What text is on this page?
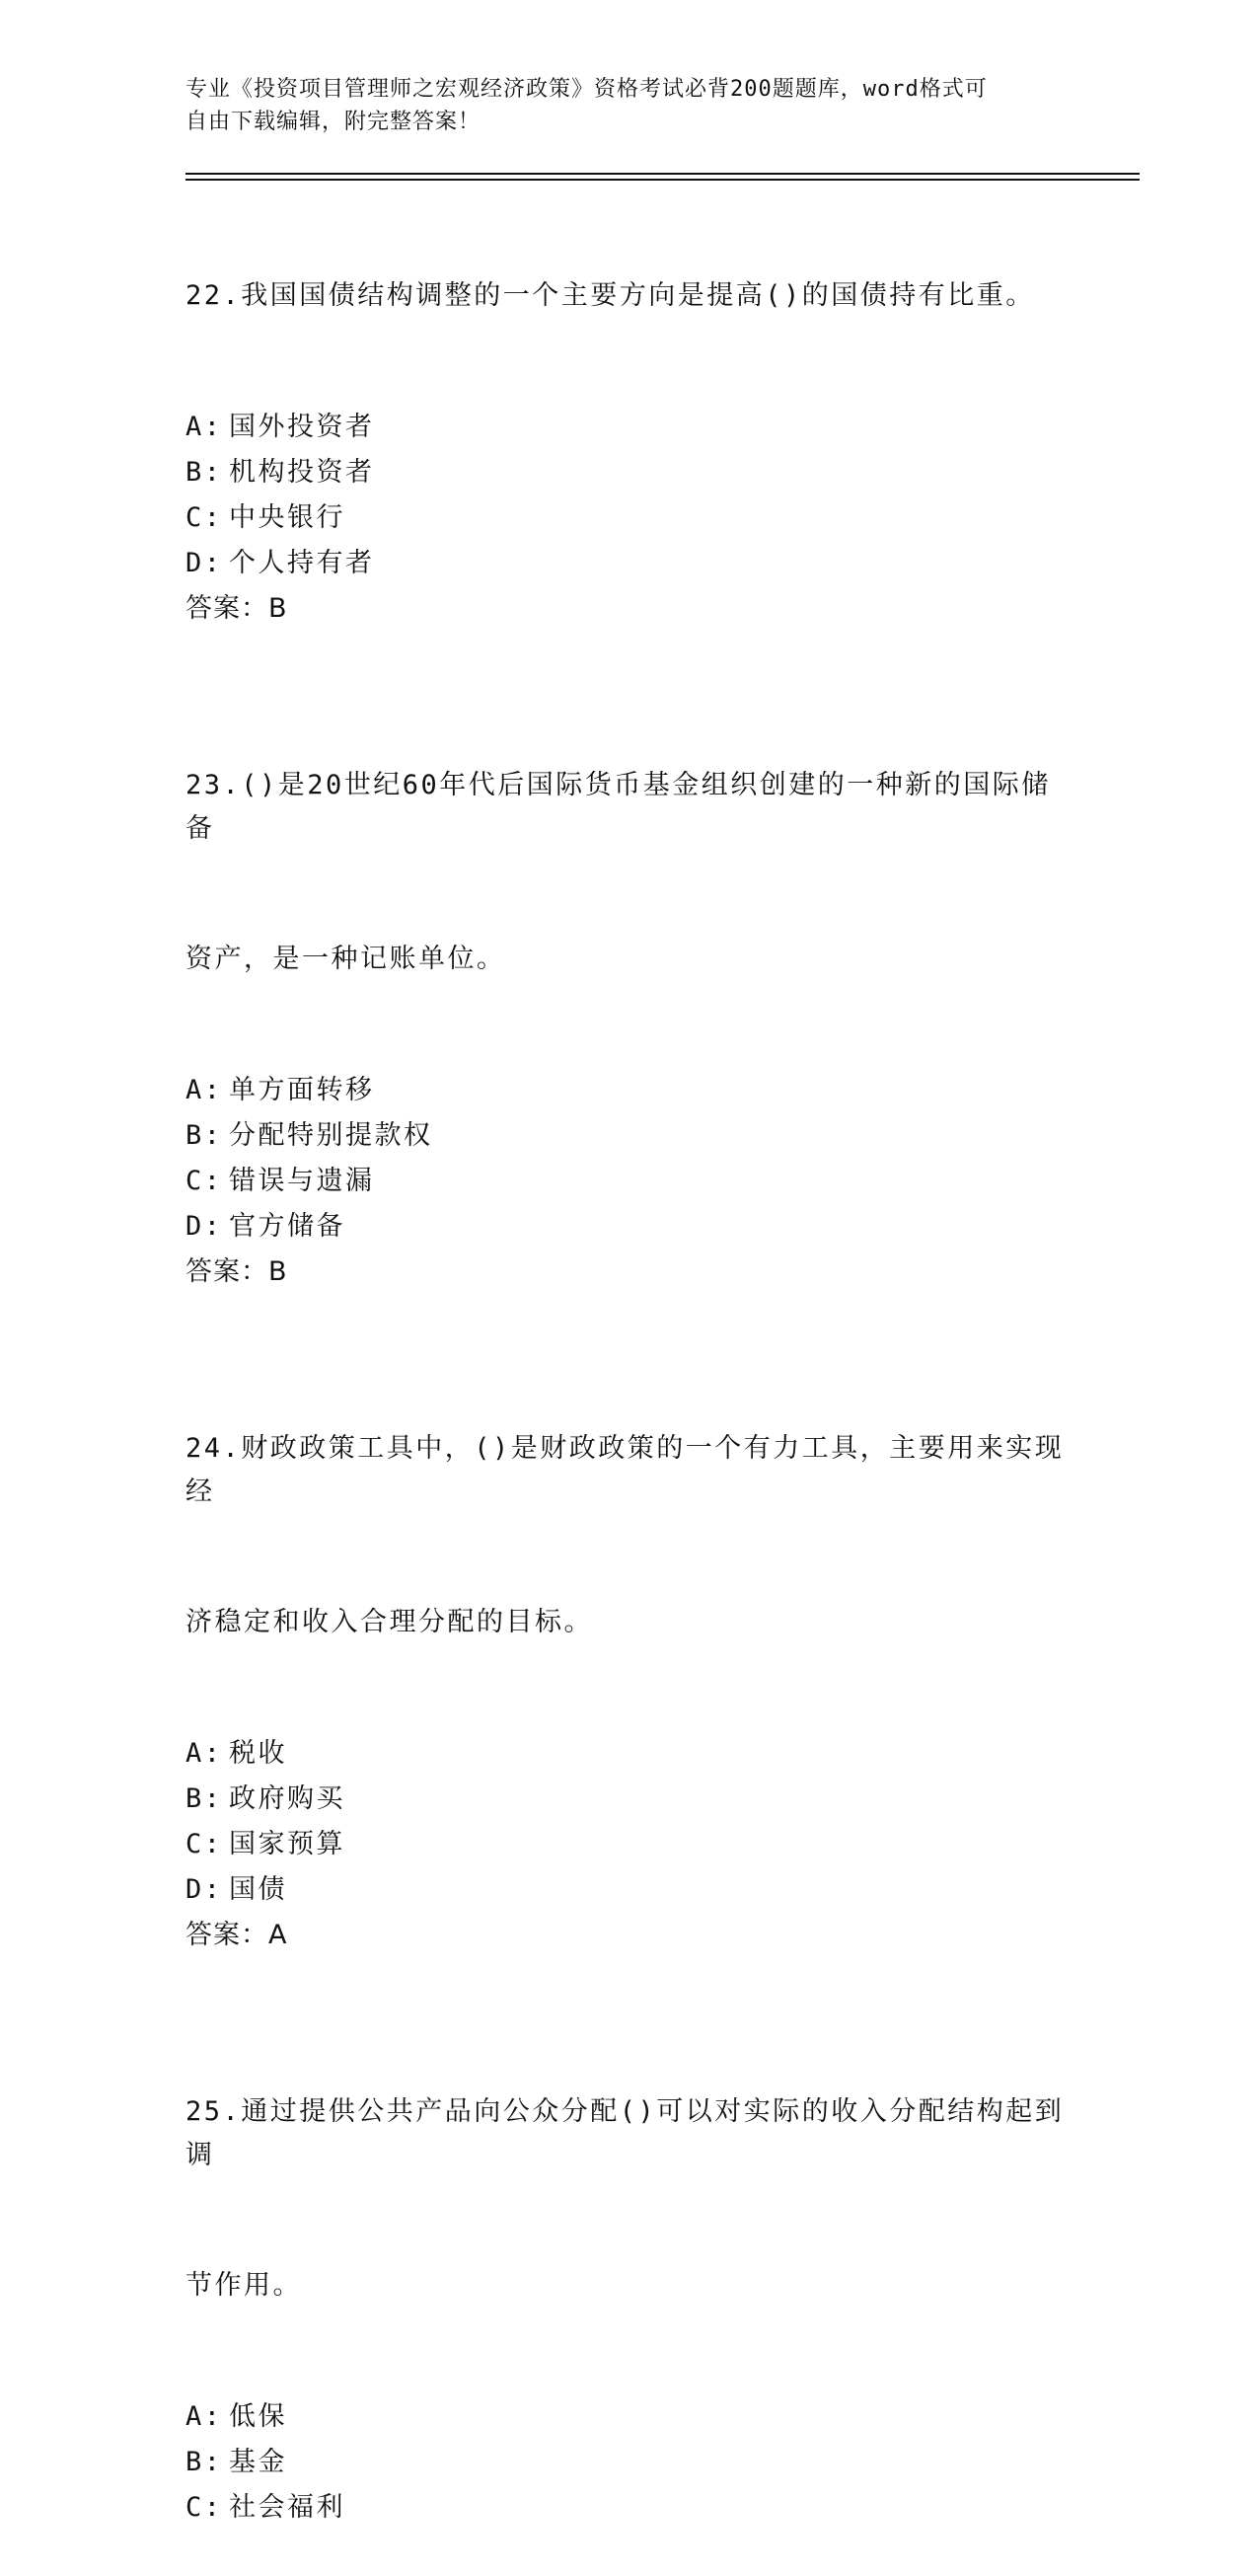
专业《投资项目管理师之宏观经济政策》资格考试必背200题题库，word格式可
自由下载编辑，附完整答案！

22.我国国债结构调整的一个主要方向是提高()的国债持有比重。

A: 国外投资者
B: 机构投资者
C: 中央银行
D: 个人持有者
答案：B

23.()是20世纪60年代后国际货币基金组织创建的一种新的国际储备

资产，是一种记账单位。

A: 单方面转移
B: 分配特别提款权
C: 错误与遗漏
D: 官方储备
答案：B

24.财政政策工具中，()是财政政策的一个有力工具，主要用来实现经

济稳定和收入合理分配的目标。

A: 税收
B: 政府购买
C: 国家预算
D: 国债
答案：A

25.通过提供公共产品向公众分配()可以对实际的收入分配结构起到调

节作用。

A: 低保
B: 基金
C: 社会福利
